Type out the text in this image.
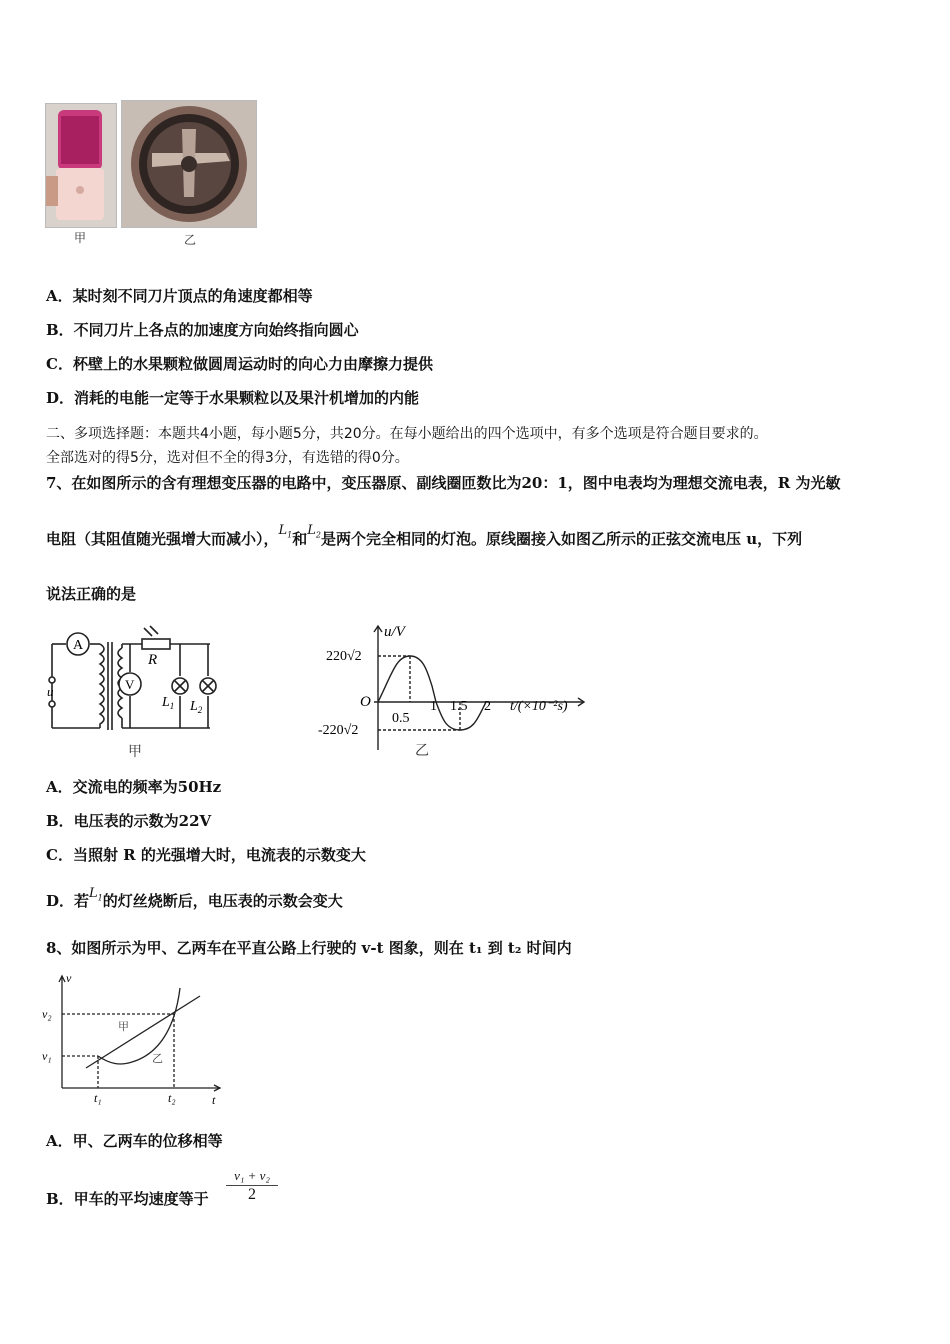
甲	乙
A．某时刻不同刀片顶点的角速度都相等
B．不同刀片上各点的加速度方向始终指向圆心
C．杯壁上的水果颗粒做圆周运动时的向心力由摩擦力提供
D．消耗的电能一定等于水果颗粒以及果汁机增加的内能
二、多项选择题：本题共4小题，每小题5分，共20分。在每小题给出的四个选项中，有多个选项是符合题目要求的。
全部选对的得5分，选对但不全的得3分，有选错的得0分。
7、在如图所示的含有理想变压器的电路中，变压器原、副线圈匝数比为20：1，图中电表均为理想交流电表，R 为光敏
电阻（其阻值随光强增大而减小），$L_1$和$L_2$是两个完全相同的灯泡。原线圈接入如图乙所示的正弦交流电压 u，下列
说法正确的是
A
V
R
$L_1$ $L_2$
u
甲
u/V
220√2
-220√2
O
0.5
1 1.5 2 t/(×10⁻²s)
乙
A．交流电的频率为50Hz
B．电压表的示数为22V
C．当照射 R 的光强增大时，电流表的示数变大
D．若$L_1$的灯丝烧断后，电压表的示数会变大
8、如图所示为甲、乙两车在平直公路上行驶的 v-t 图象，则在 t₁ 到 t₂ 时间内
v
t
v₂
v₁
t₁	t₂
甲
乙
A．甲、乙两车的位移相等
B．甲车的平均速度等于
v₁ + v₂
2
